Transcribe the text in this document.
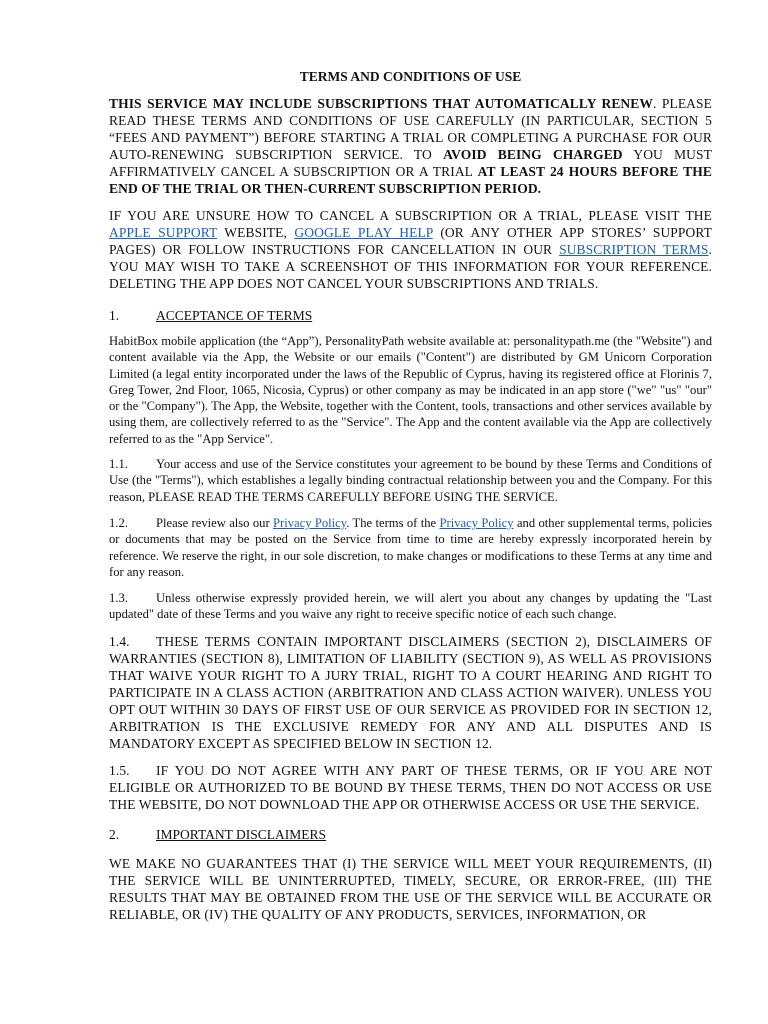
TERMS AND CONDITIONS OF USE

THIS SERVICE MAY INCLUDE SUBSCRIPTIONS THAT AUTOMATICALLY RENEW. PLEASE READ THESE TERMS AND CONDITIONS OF USE CAREFULLY (IN PARTICULAR, SECTION 5 “FEES AND PAYMENT”) BEFORE STARTING A TRIAL OR COMPLETING A PURCHASE FOR OUR AUTO-RENEWING SUBSCRIPTION SERVICE. TO AVOID BEING CHARGED YOU MUST AFFIRMATIVELY CANCEL A SUBSCRIPTION OR A TRIAL AT LEAST 24 HOURS BEFORE THE END OF THE TRIAL OR THEN-CURRENT SUBSCRIPTION PERIOD.

IF YOU ARE UNSURE HOW TO CANCEL A SUBSCRIPTION OR A TRIAL, PLEASE VISIT THE APPLE SUPPORT WEBSITE, GOOGLE PLAY HELP (OR ANY OTHER APP STORES’ SUPPORT PAGES) OR FOLLOW INSTRUCTIONS FOR CANCELLATION IN OUR SUBSCRIPTION TERMS. YOU MAY WISH TO TAKE A SCREENSHOT OF THIS INFORMATION FOR YOUR REFERENCE. DELETING THE APP DOES NOT CANCEL YOUR SUBSCRIPTIONS AND TRIALS.

1.	ACCEPTANCE OF TERMS

HabitBox mobile application (the “App”), PersonalityPath website available at: personalitypath.me (the "Website") and content available via the App, the Website or our emails ("Content") are distributed by GM Unicorn Corporation Limited (a legal entity incorporated under the laws of the Republic of Cyprus, having its registered office at Florinis 7, Greg Tower, 2nd Floor, 1065, Nicosia, Cyprus) or other company as may be indicated in an app store ("we" "us" "our" or the "Company"). The App, the Website, together with the Content, tools, transactions and other services available by using them, are collectively referred to as the "Service". The App and the content available via the App are collectively referred to as the "App Service".

1.1. Your access and use of the Service constitutes your agreement to be bound by these Terms and Conditions of Use (the "Terms"), which establishes a legally binding contractual relationship between you and the Company. For this reason, PLEASE READ THE TERMS CAREFULLY BEFORE USING THE SERVICE.

1.2. Please review also our Privacy Policy. The terms of the Privacy Policy and other supplemental terms, policies or documents that may be posted on the Service from time to time are hereby expressly incorporated herein by reference. We reserve the right, in our sole discretion, to make changes or modifications to these Terms at any time and for any reason.

1.3. Unless otherwise expressly provided herein, we will alert you about any changes by updating the "Last updated" date of these Terms and you waive any right to receive specific notice of each such change.

1.4. THESE TERMS CONTAIN IMPORTANT DISCLAIMERS (SECTION 2), DISCLAIMERS OF WARRANTIES (SECTION 8), LIMITATION OF LIABILITY (SECTION 9), AS WELL AS PROVISIONS THAT WAIVE YOUR RIGHT TO A JURY TRIAL, RIGHT TO A COURT HEARING AND RIGHT TO PARTICIPATE IN A CLASS ACTION (ARBITRATION AND CLASS ACTION WAIVER). UNLESS YOU OPT OUT WITHIN 30 DAYS OF FIRST USE OF OUR SERVICE AS PROVIDED FOR IN SECTION 12, ARBITRATION IS THE EXCLUSIVE REMEDY FOR ANY AND ALL DISPUTES AND IS MANDATORY EXCEPT AS SPECIFIED BELOW IN SECTION 12.

1.5. IF YOU DO NOT AGREE WITH ANY PART OF THESE TERMS, OR IF YOU ARE NOT ELIGIBLE OR AUTHORIZED TO BE BOUND BY THESE TERMS, THEN DO NOT ACCESS OR USE THE WEBSITE, DO NOT DOWNLOAD THE APP OR OTHERWISE ACCESS OR USE THE SERVICE.

2.	IMPORTANT DISCLAIMERS

WE MAKE NO GUARANTEES THAT (I) THE SERVICE WILL MEET YOUR REQUIREMENTS, (II) THE SERVICE WILL BE UNINTERRUPTED, TIMELY, SECURE, OR ERROR-FREE, (III) THE RESULTS THAT MAY BE OBTAINED FROM THE USE OF THE SERVICE WILL BE ACCURATE OR RELIABLE, OR (IV) THE QUALITY OF ANY PRODUCTS, SERVICES, INFORMATION, OR
